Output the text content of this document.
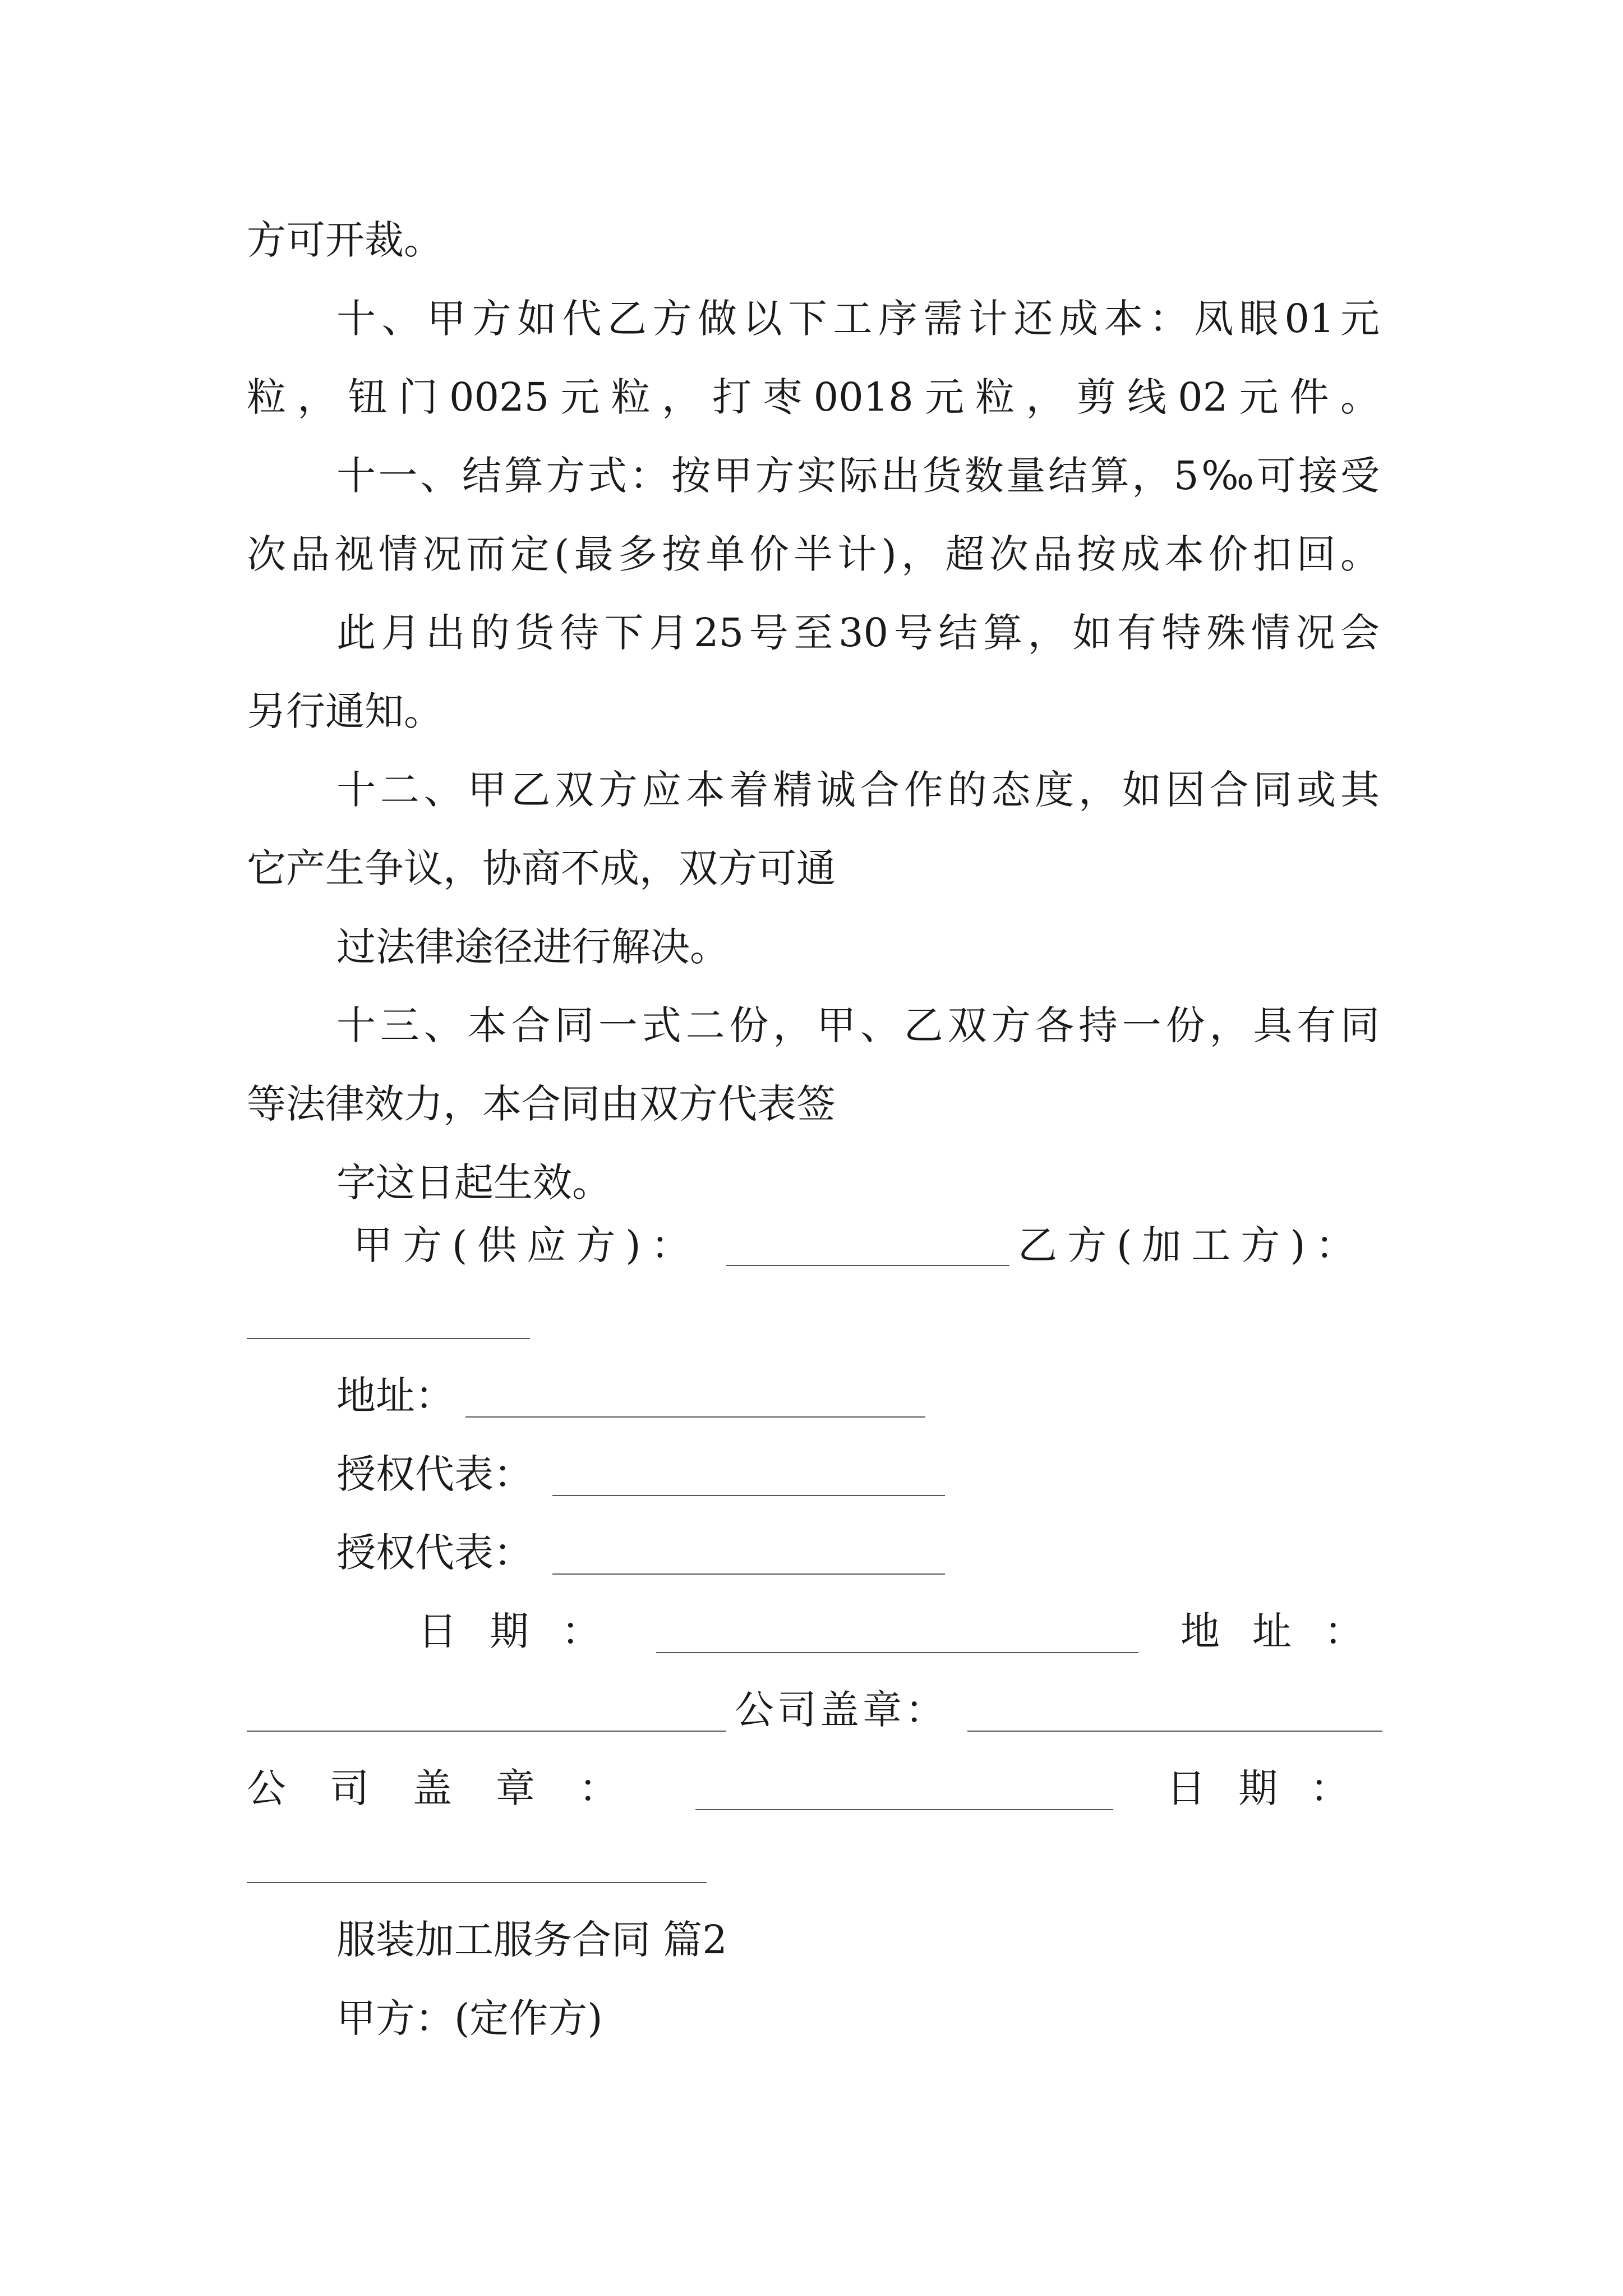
方可开裁。
十、甲方如代乙方做以下工序需计还成本：凤眼01元
粒，钮门0025元粒，打枣0018元粒，剪线02元件。
十一、结算方式：按甲方实际出货数量结算，5‰可接受
次品视情况而定(最多按单价半计)，超次品按成本价扣回。
此月出的货待下月25号至30号结算，如有特殊情况会
另行通知。
十二、甲乙双方应本着精诚合作的态度，如因合同或其
它产生争议，协商不成，双方可通
过法律途径进行解决。
十三、本合同一式二份，甲、乙双方各持一份，具有同
等法律效力，本合同由双方代表签
字这日起生效。
甲方(供应方)：	乙方(加工方)：
地址：
授权代表：
授权代表：
日期：	地址：
公司盖章：
公司盖章：	日期：
服装加工服务合同 篇2
甲方：(定作方)
